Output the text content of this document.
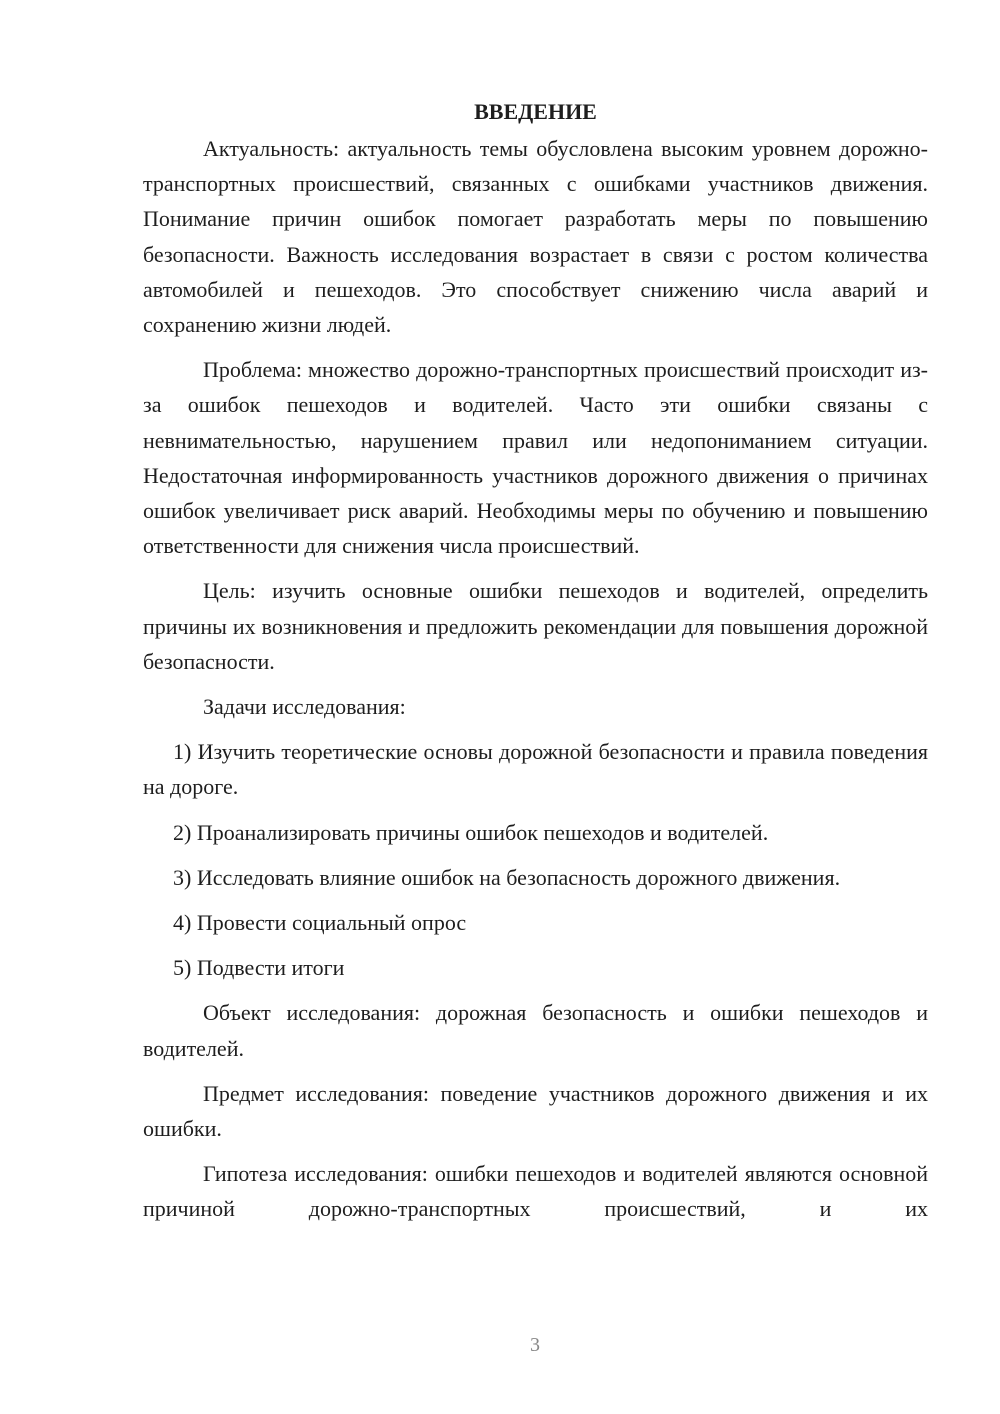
ВВЕДЕНИЕ

Актуальность: актуальность темы обусловлена высоким уровнем дорожно-транспортных происшествий, связанных с ошибками участников движения. Понимание причин ошибок помогает разработать меры по повышению безопасности. Важность исследования возрастает в связи с ростом количества автомобилей и пешеходов. Это способствует снижению числа аварий и сохранению жизни людей.

Проблема: множество дорожно-транспортных происшествий происходит из-за ошибок пешеходов и водителей. Часто эти ошибки связаны с невнимательностью, нарушением правил или недопониманием ситуации. Недостаточная информированность участников дорожного движения о причинах ошибок увеличивает риск аварий. Необходимы меры по обучению и повышению ответственности для снижения числа происшествий.

Цель: изучить основные ошибки пешеходов и водителей, определить причины их возникновения и предложить рекомендации для повышения дорожной безопасности.

Задачи исследования:

1) Изучить теоретические основы дорожной безопасности и правила поведения на дороге.

2) Проанализировать причины ошибок пешеходов и водителей.

3) Исследовать влияние ошибок на безопасность дорожного движения.

4) Провести социальный опрос

5) Подвести итоги

Объект исследования: дорожная безопасность и ошибки пешеходов и водителей.

Предмет исследования: поведение участников дорожного движения и их ошибки.

Гипотеза исследования: ошибки пешеходов и водителей являются основной причиной дорожно-транспортных происшествий, и их

3
